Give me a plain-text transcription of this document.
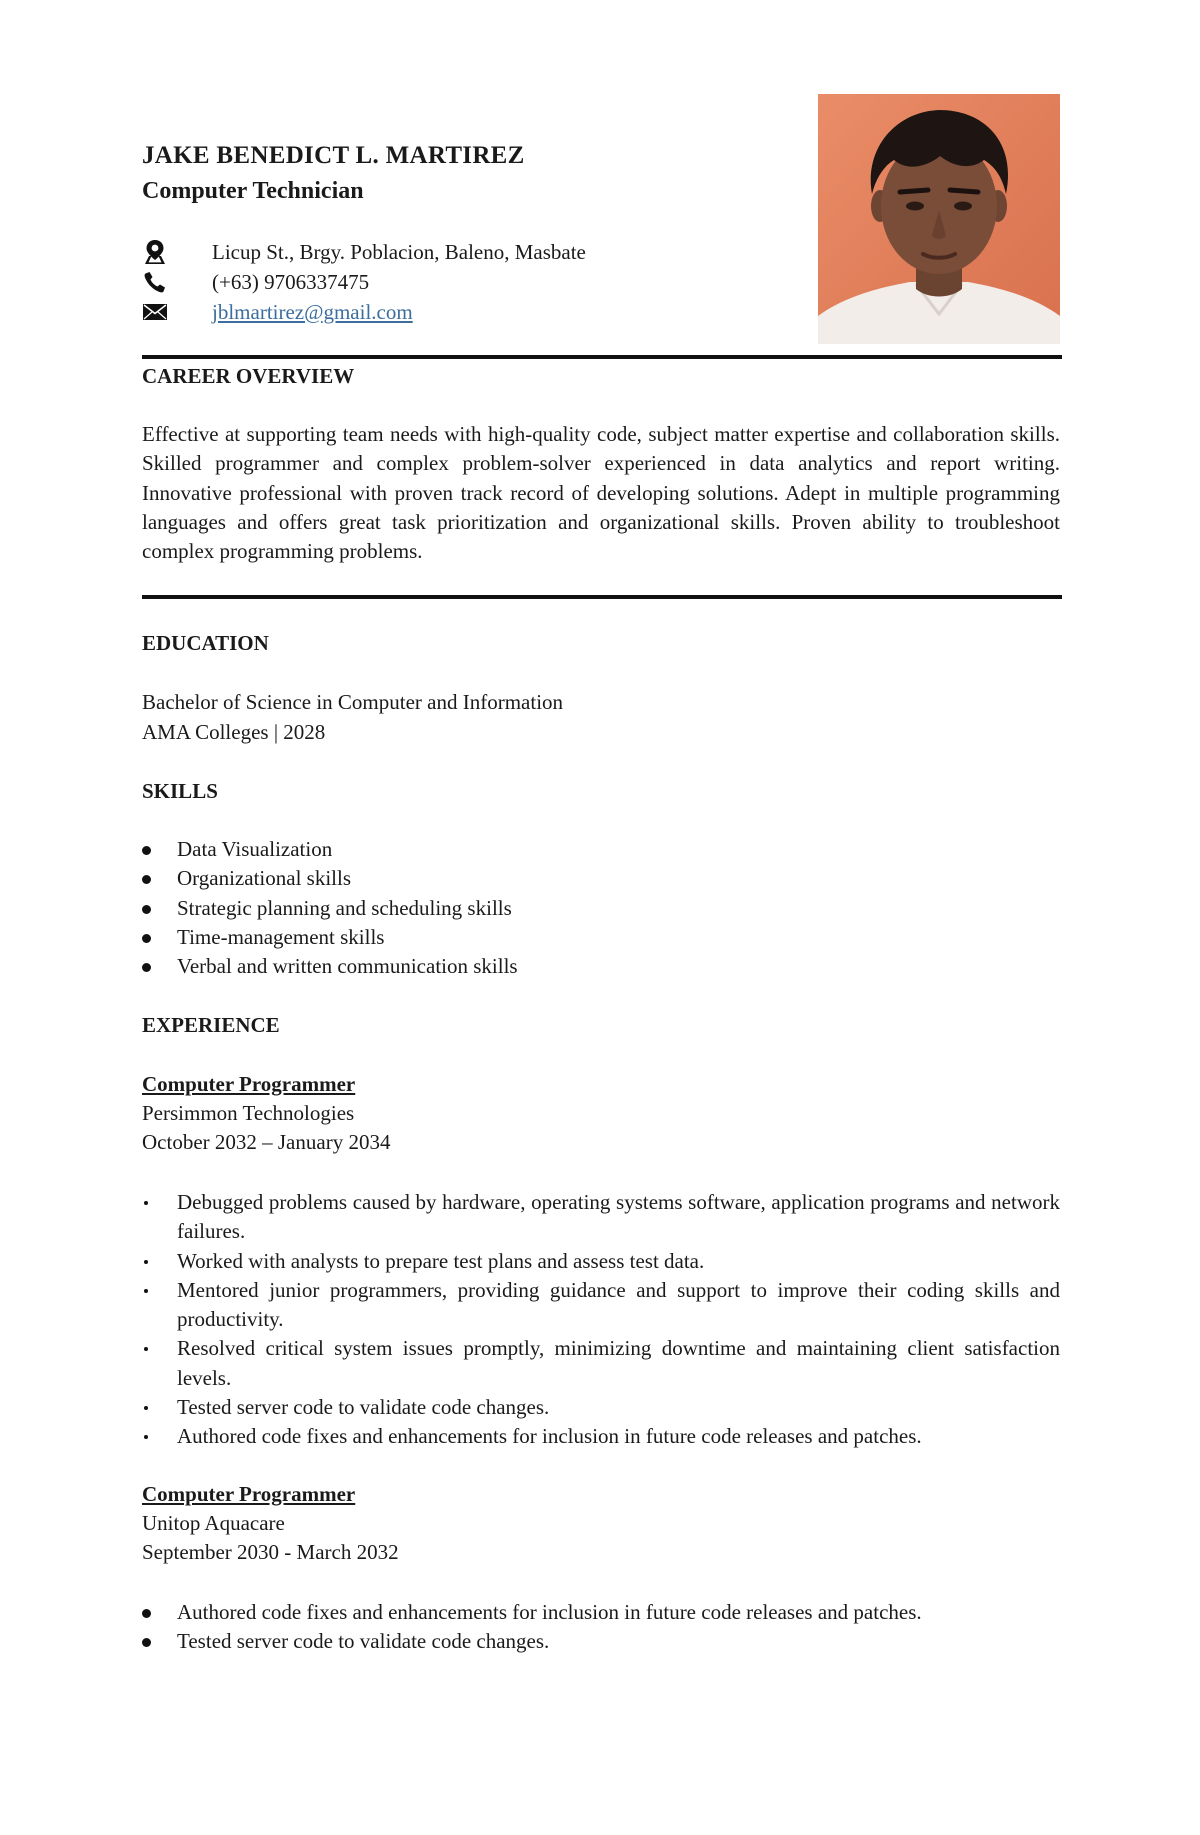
JAKE BENEDICT L. MARTIREZ
Computer Technician
Licup St., Brgy. Poblacion, Baleno, Masbate
(+63) 9706337475
jblmartirez@gmail.com
CAREER OVERVIEW

Effective at supporting team needs with high-quality code, subject matter expertise and collaboration skills. Skilled programmer and complex problem-solver experienced in data analytics and report writing. Innovative professional with proven track record of developing solutions. Adept in multiple programming languages and offers great task prioritization and organizational skills. Proven ability to troubleshoot complex programming problems.

EDUCATION

Bachelor of Science in Computer and Information

AMA Colleges | 2028

SKILLS
Data Visualization
Organizational skills
Strategic planning and scheduling skills
Time-management skills
Verbal and written communication skills
EXPERIENCE

Computer Programmer

Persimmon Technologies

October 2032 – January 2034

Debugged problems caused by hardware, operating systems software, application programs and network failures.
Worked with analysts to prepare test plans and assess test data.
Mentored junior programmers, providing guidance and support to improve their coding skills and productivity.
Resolved critical system issues promptly, minimizing downtime and maintaining client satisfaction levels.
Tested server code to validate code changes.
Authored code fixes and enhancements for inclusion in future code releases and patches.

Computer Programmer

Unitop Aquacare

September 2030 - March 2032

Authored code fixes and enhancements for inclusion in future code releases and patches.
Tested server code to validate code changes.
